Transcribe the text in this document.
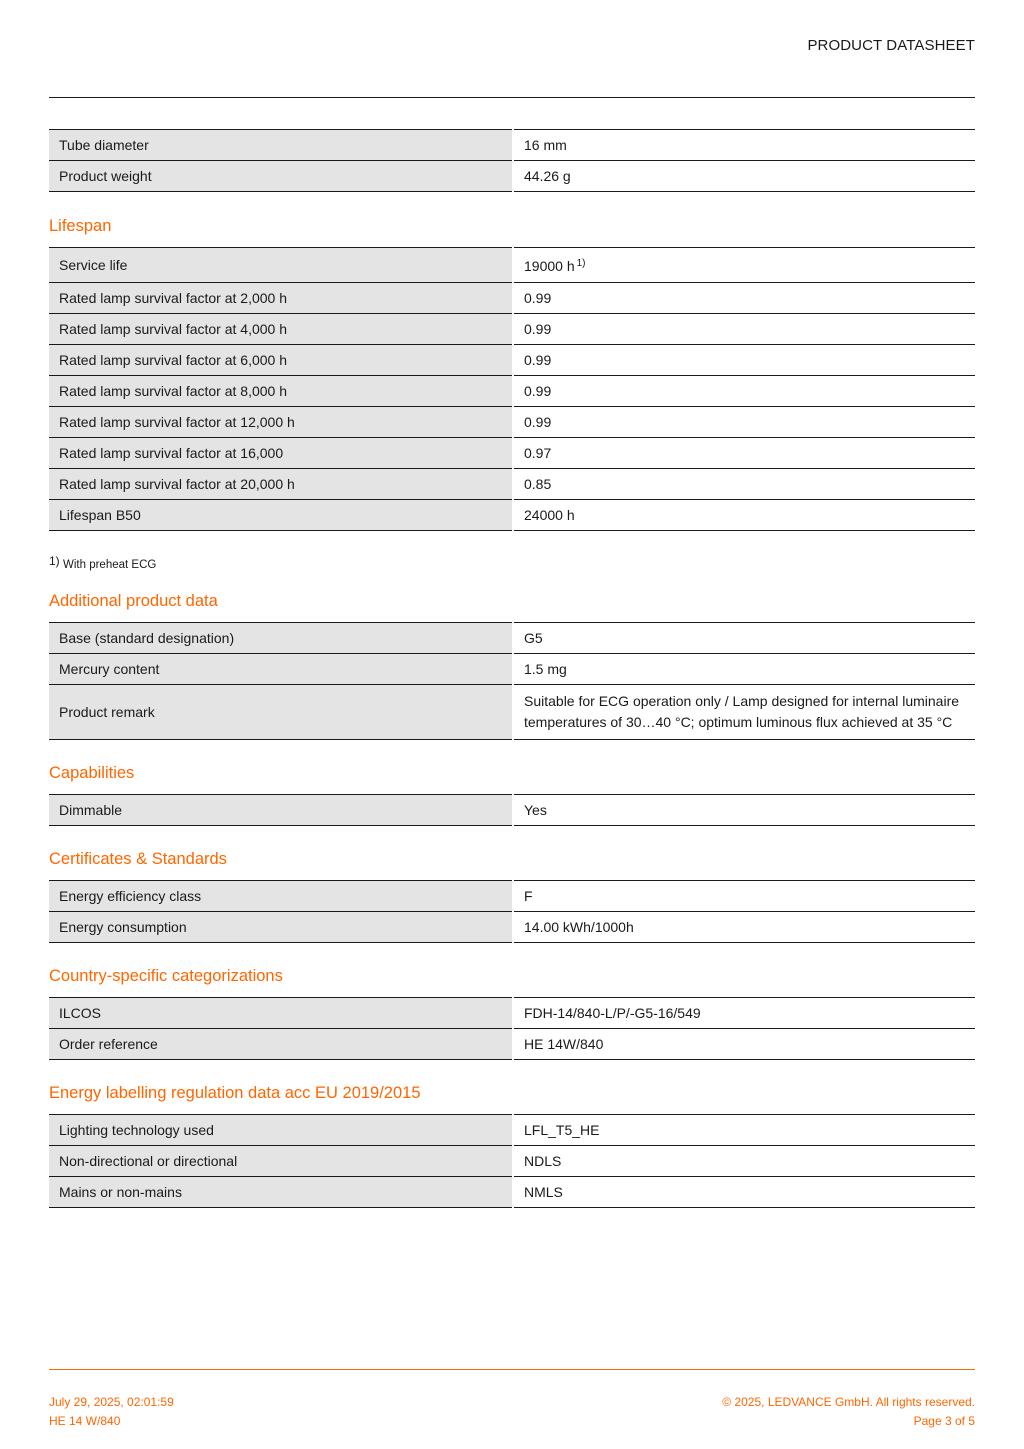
PRODUCT DATASHEET
Tube diameter	16 mm
Product weight	44.26 g
Lifespan
Service life	19000 h $^{1)}$
Rated lamp survival factor at 2,000 h	0.99
Rated lamp survival factor at 4,000 h	0.99
Rated lamp survival factor at 6,000 h	0.99
Rated lamp survival factor at 8,000 h	0.99
Rated lamp survival factor at 12,000 h	0.99
Rated lamp survival factor at 16,000	0.97
Rated lamp survival factor at 20,000 h	0.85
Lifespan B50	24000 h

1) With preheat ECG

Additional product data
Base (standard designation)	G5
Mercury content	1.5 mg
Product remark	Suitable for ECG operation only / Lamp designed for internal luminaire
temperatures of 30…40 °C; optimum luminous flux achieved at 35 °C
Capabilities
Dimmable	Yes
Certificates & Standards
Energy efficiency class	F
Energy consumption	14.00 kWh/1000h
Country-specific categorizations
ILCOS	FDH-14/840-L/P/-G5-16/549
Order reference	HE 14W/840
Energy labelling regulation data acc EU 2019/2015
Lighting technology used	LFL_T5_HE
Non-directional or directional	NDLS
Mains or non-mains	NMLS
July 29, 2025, 02:01:59
HE 14 W/840
© 2025, LEDVANCE GmbH. All rights reserved.
Page 3 of 5
